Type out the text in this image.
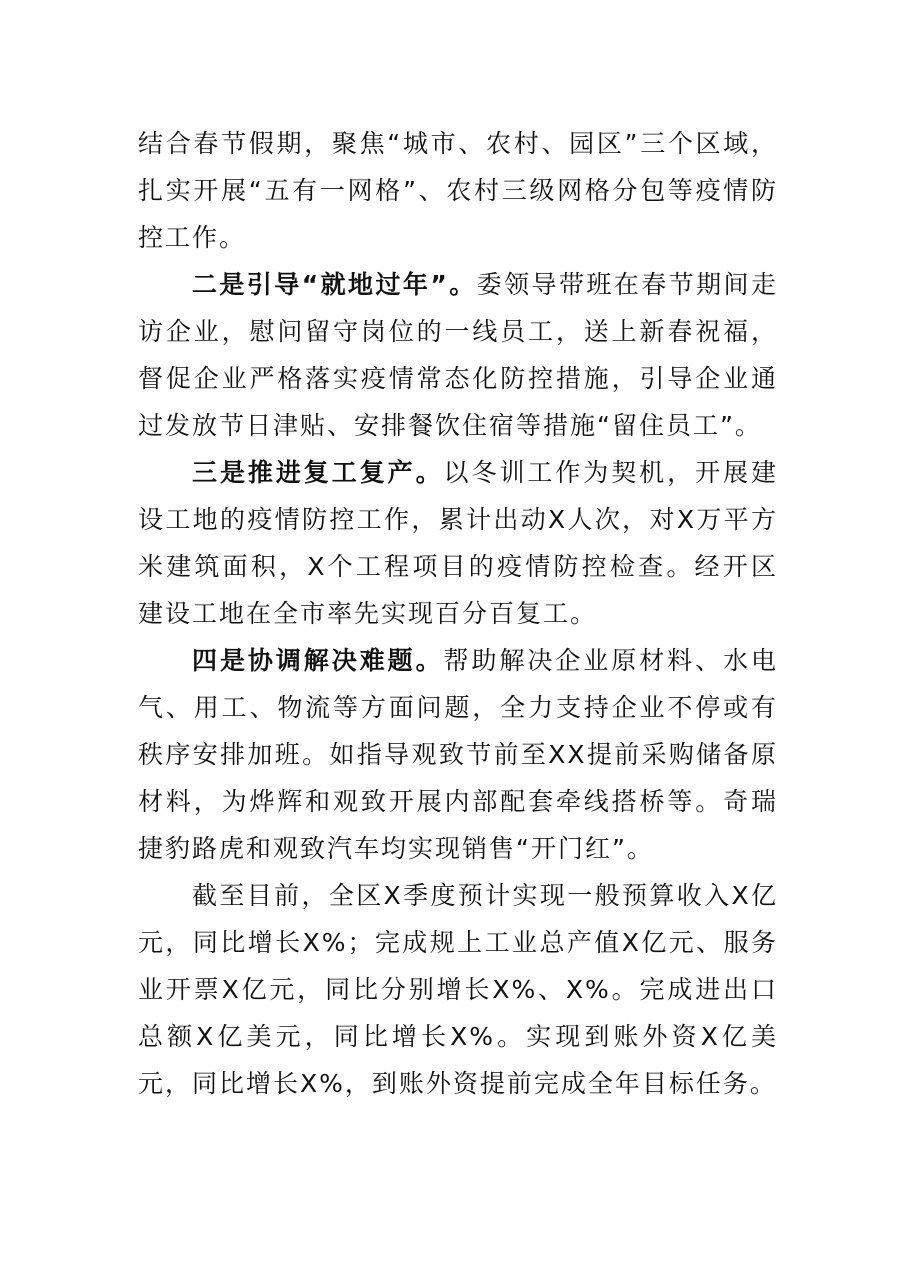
结合春节假期，聚焦“城市、农村、园区”三个区域，扎实开展“五有一网格”、农村三级网格分包等疫情防控工作。

二是引导“就地过年”。委领导带班在春节期间走访企业，慰问留守岗位的一线员工，送上新春祝福，督促企业严格落实疫情常态化防控措施，引导企业通过发放节日津贴、安排餐饮住宿等措施“留住员工”。

三是推进复工复产。以冬训工作为契机，开展建设工地的疫情防控工作，累计出动X人次，对X万平方米建筑面积，X个工程项目的疫情防控检查。经开区建设工地在全市率先实现百分百复工。

四是协调解决难题。帮助解决企业原材料、水电气、用工、物流等方面问题，全力支持企业不停或有秩序安排加班。如指导观致节前至XX提前采购储备原材料，为烨辉和观致开展内部配套牵线搭桥等。奇瑞捷豹路虎和观致汽车均实现销售“开门红”。

截至目前，全区X季度预计实现一般预算收入X亿元，同比增长X%；完成规上工业总产值X亿元、服务业开票X亿元，同比分别增长X%、X%。完成进出口总额X亿美元，同比增长X%。实现到账外资X亿美元，同比增长X%，到账外资提前完成全年目标任务。
